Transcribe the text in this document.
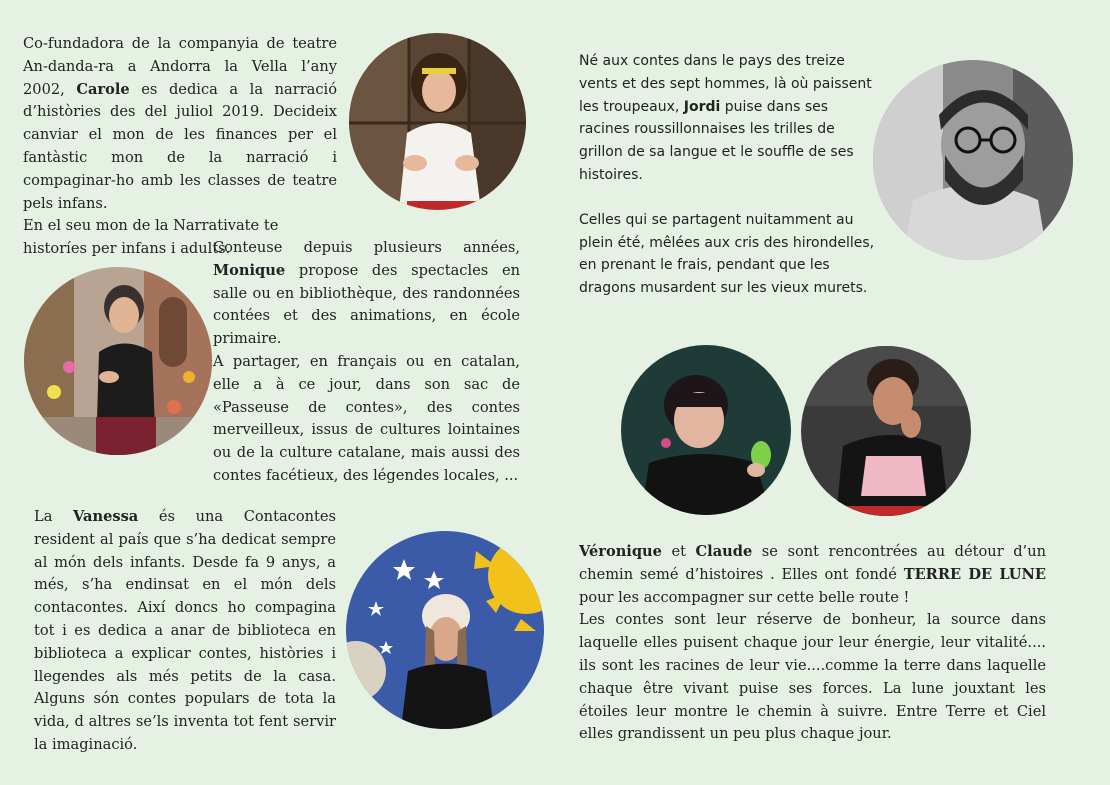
Co-fundadora de la companyia de teatre An-danda-ra a Andorra la Vella l’any 2002, Carole es dedica a la narració d’històries des del juliol 2019. Decideix canviar el mon de les finances per el fantàstic mon de la narració i compaginar-ho amb les classes de teatre pels infans.

En el seu mon de la Narrativate te historíes per infans i adults.

Né aux contes dans le pays des treize vents et des sept hommes, là où paissent les troupeaux, Jordi puise dans ses racines roussillonnaises les trilles de grillon de sa langue et le souffle de ses histoires.

Celles qui se partagent nuitamment au plein été, mêlées aux cris des hirondelles, en prenant le frais, pendant que les dragons musardent sur les vieux murets.

Conteuse depuis plusieurs années, Monique propose des spectacles en salle ou en bibliothèque, des randonnées contées et des animations, en école primaire.

A partager, en français ou en catalan, elle a à ce jour, dans son sac de «Passeuse de contes», des contes merveilleux, issus de cultures lointaines ou de la culture catalane, mais aussi des contes facétieux, des légendes locales, ...

La Vanessa és una Contacontes resident al país que s’ha dedicat sempre al món dels infants. Desde fa 9 anys, a més, s’ha endinsat en el món dels contacontes. Així doncs ho compagina tot i es dedica a anar de biblioteca en biblioteca a explicar contes, històries i llegendes als més petits de la casa. Alguns són contes populars de tota la vida, d altres se’ls inventa tot fent servir la imaginació.

Véronique et Claude se sont rencontrées au détour d’un chemin semé d’histoires . Elles ont fondé TERRE DE LUNE pour les accompagner sur cette belle route !

Les contes sont leur réserve de bonheur, la source dans laquelle elles puisent chaque jour leur énergie, leur vitalité.... ils sont les racines de leur vie....comme la terre dans laquelle chaque être vivant puise ses forces. La lune jouxtant les étoiles leur montre le chemin à suivre. Entre Terre et Ciel elles grandissent un peu plus chaque jour.
